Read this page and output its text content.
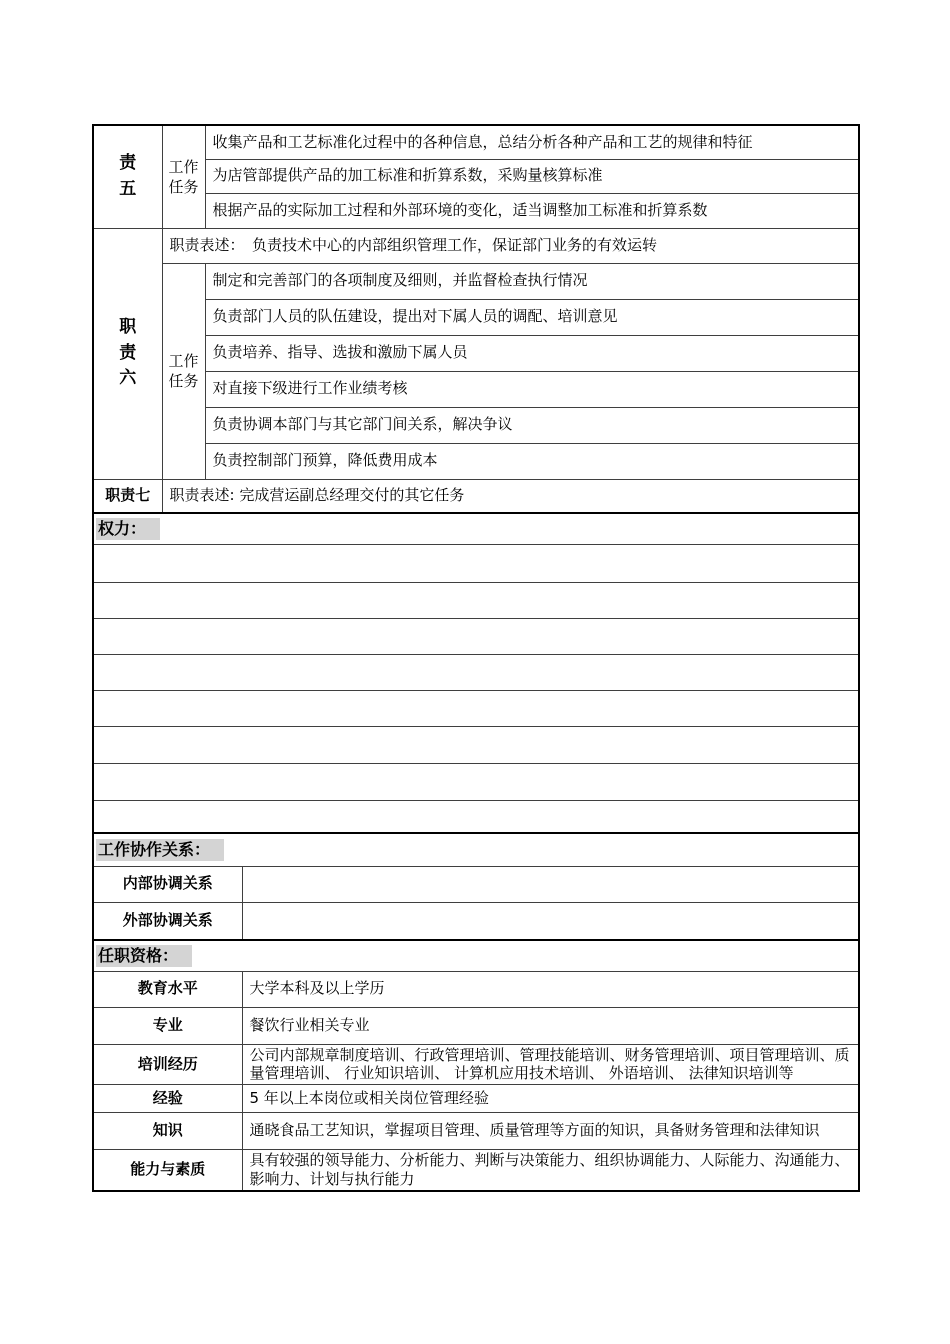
责五	工作任务	收集产品和工艺标准化过程中的各种信息，总结分析各种产品和工艺的规律和特征	
		为店管部提供产品的加工标准和折算系数，采购量核算标准	
		根据产品的实际加工过程和外部环境的变化，适当调整加工标准和折算系数	

职责六	职责表述：　负责技术中心的内部组织管理工作，保证部门业务的有效运转		

	工作任务	制定和完善部门的各项制度及细则，并监督检查执行情况	
		负责部门人员的队伍建设，提出对下属人员的调配、培训意见	
		负责培养、指导、选拔和激励下属人员	
		对直接下级进行工作业绩考核	
		负责协调本部门与其它部门间关系，解决争议	
		负责控制部门预算，降低费用成本	
职责七	职责表述: 完成营运副总经理交付的其它任务		
权力：			

工作协作关系：			
内部协调关系			
外部协调关系			
任职资格：			
教育水平			大学本科及以上学历
专业			餐饮行业相关专业
培训经历			公司内部规章制度培训、行政管理培训、管理技能培训、财务管理培训、项目管理培训、质量管理培训、 行业知识培训、 计算机应用技术培训、 外语培训、 法律知识培训等
经验			5 年以上本岗位或相关岗位管理经验
知识			通晓食品工艺知识，掌握项目管理、质量管理等方面的知识，具备财务管理和法律知识
能力与素质			具有较强的领导能力、分析能力、判断与决策能力、组织协调能力、人际能力、沟通能力、影响力、计划与执行能力
